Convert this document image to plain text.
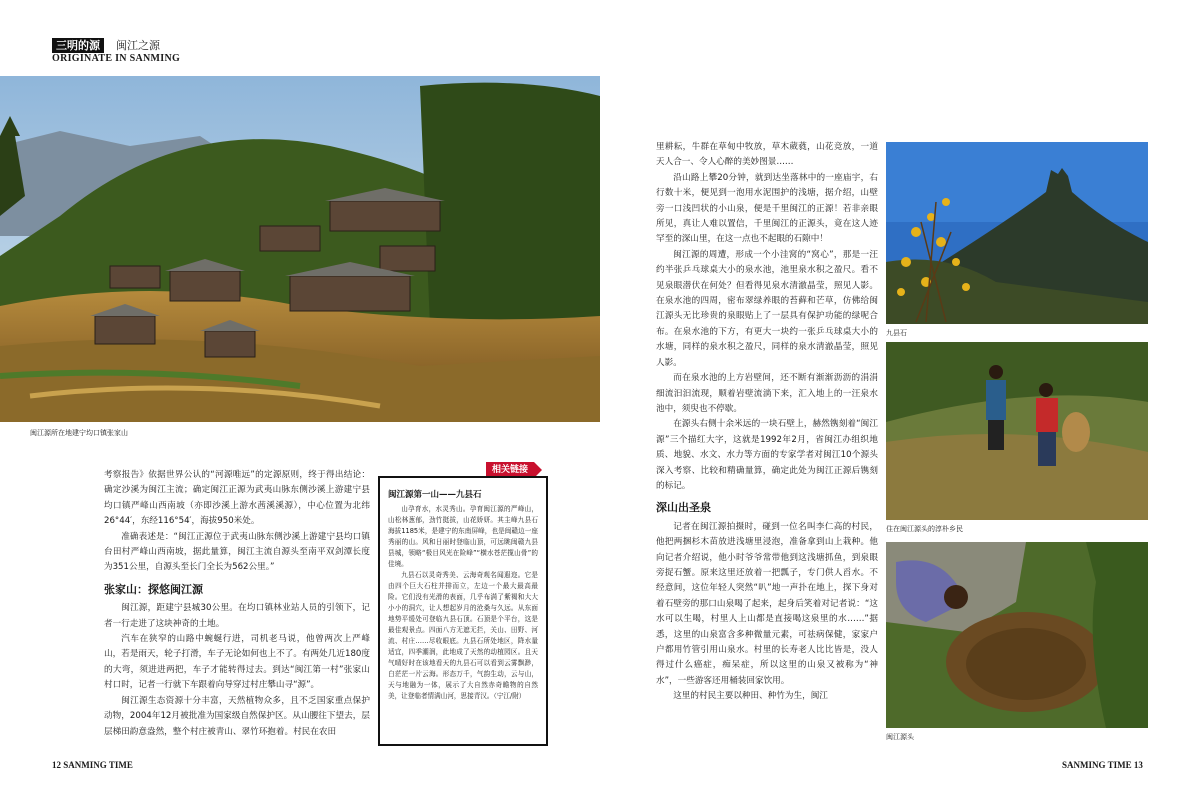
三明的源	闽江之源
ORIGINATE IN SANMING
闽江源所在地建宁均口镇张家山

考察报告》依据世界公认的“河源唯远”的定源原则，终于得出结论：确定沙溪为闽江主流；确定闽江正源为武夷山脉东侧沙溪上游建宁县均口镇严峰山西南坡（亦即沙溪上游水茜溪溪源），中心位置为北纬26°44′，东经116°54′，海拔950米处。

准确表述是：“闽江正源位于武夷山脉东侧沙溪上游建宁县均口镇台田村严峰山西南坡，据此量算，闽江主流自源头至南平双剑潭长度为351公里，自源头至长门全长为562公里。”

张家山：探悠闽江源

闽江源，距建宁县城30公里。在均口镇林业站人员的引领下，记者一行走进了这块神奇的土地。

汽车在狭窄的山路中蜿蜒行进，司机老马说，他曾两次上严峰山，若是雨天，轮子打滑，车子无论如何也上不了。有两处几近180度的大弯，须进进两把，车子才能转得过去。到达“闽江第一村”张家山村口时，记者一行就下车跟着向导穿过村庄攀山寻“源”。

闽江源生态资源十分丰富，天然植物众多，且不乏国家重点保护动物，2004年12月被批准为国家级自然保护区。从山腰往下望去，层层梯田韵意盎然，整个村庄被青山、翠竹环抱着。村民在农田

相关链接
闽江源第一山——九县石

山孕育水，水灵秀山。孕育闽江源的严峰山，山松林葱郁，劲竹挺拔，山花娇妍。其主峰九县石海拔1185米，是建宁的东南屏峰，也是闽赣边一座秀丽的山。风和日丽时登临山顶，可远眺闽赣九县县城，领略“极目风光在险峰”“横水苍茫揽山骨”的佳境。

九县石以灵奇秀美、云海奇观名闻遐迩。它是由四个巨大石柱并排而立，左边一个最大最高最险。它们没有光滑的表面，几乎布满了紫褐和大大小小的洞穴，让人想起岁月的沧桑与久远。从东面地势平缓处可登临九县石顶。石顶是个平台，这是最佳观景点。四面八方无遮无拦，关山、田野、河流、村庄……尽收眼底。九县石所处地区，降水量适宜，四季潮润，此地成了天然的动植园区。且天气晴好时在该地看天的九县石可以看到云雾飘渺，白茫茫一片云海。形态万千，气韵生动，云与山，天与地融为一体，展示了大自然赤奇瞻物的自然美，让登临者情满山河，思接青汉。（宁江/附）

里耕耘，牛群在草甸中牧放，草木葳蕤，山花竞放，一道天人合一、令人心醉的美妙图景……

沿山路上攀20分钟，就到达坐落林中的一座庙宇，右行数十米，便见到一泡用水泥围护的浅塘，据介绍，山壁旁一口浅凹状的小山泉，便是千里闽江的正源！若非亲眼所见，真让人难以置信，千里闽江的正源头，竟在这人迹罕至的深山里，在这一点也不起眼的石隙中！

闽江源的周遭，形成一个小洼窝的“窝心”，那是一汪约半张乒乓球桌大小的泉水池，池里泉水积之盈尺。看不见泉眼潜伏在何处？但看得见泉水清澈晶莹，照见人影。在泉水池的四周，密布翠绿养眼的苔藓和芒草，仿佛给闽江源头无比珍贵的泉眼贴上了一层具有保护功能的绿呢合布。在泉水池的下方，有更大一块约一张乒乓球桌大小的水塘，同样的泉水积之盈尺，同样的泉水清澈晶莹，照见人影。

而在泉水池的上方岩壁间，还不断有渐渐沥沥的涓涓细流汩汩流现，顺着岩壁流淌下来，汇入地上的一汪泉水池中，须臾也不停歇。

在源头右侧十余米远的一块石壁上，赫然镌刻着“闽江源”三个描红大字，这就是1992年2月，省闽江办组织地质、地貌、水文、水力等方面的专家学者对闽江10个源头深入考察、比较和精确量算，确定此处为闽江正源后镌刻的标记。

深山出圣泉

记者在闽江源拍摄时，碰到一位名叫李仁高的村民，他把两捆杉木苗放进浅塘里浸泡，准备拿到山上栽种。他向记者介绍说，他小时爷爷常带他到这浅塘抓鱼，到泉眼旁捉石蟹。原来这里还放着一把瓢子，专门供人舀水。不经意间，这位年轻人突然“叭”地一声扑在地上，探下身对着石壁旁的那口山泉喝了起来，起身后笑着对记者说：“这水可以生喝，村里人上山都是直接喝这泉里的水……”据悉，这里的山泉富含多种微量元素，可祛病保健，家家户户都用竹管引用山泉水。村里的长寿老人比比皆是，没人得过什么癌症，痴呆症，所以这里的山泉又被称为“神水”，一些游客还用桶装回家饮用。

这里的村民主要以种田、种竹为生，闽江

九县石
住在闽江源头的淳朴乡民
闽江源头
12 SANMING TIME	SANMING TIME 13
